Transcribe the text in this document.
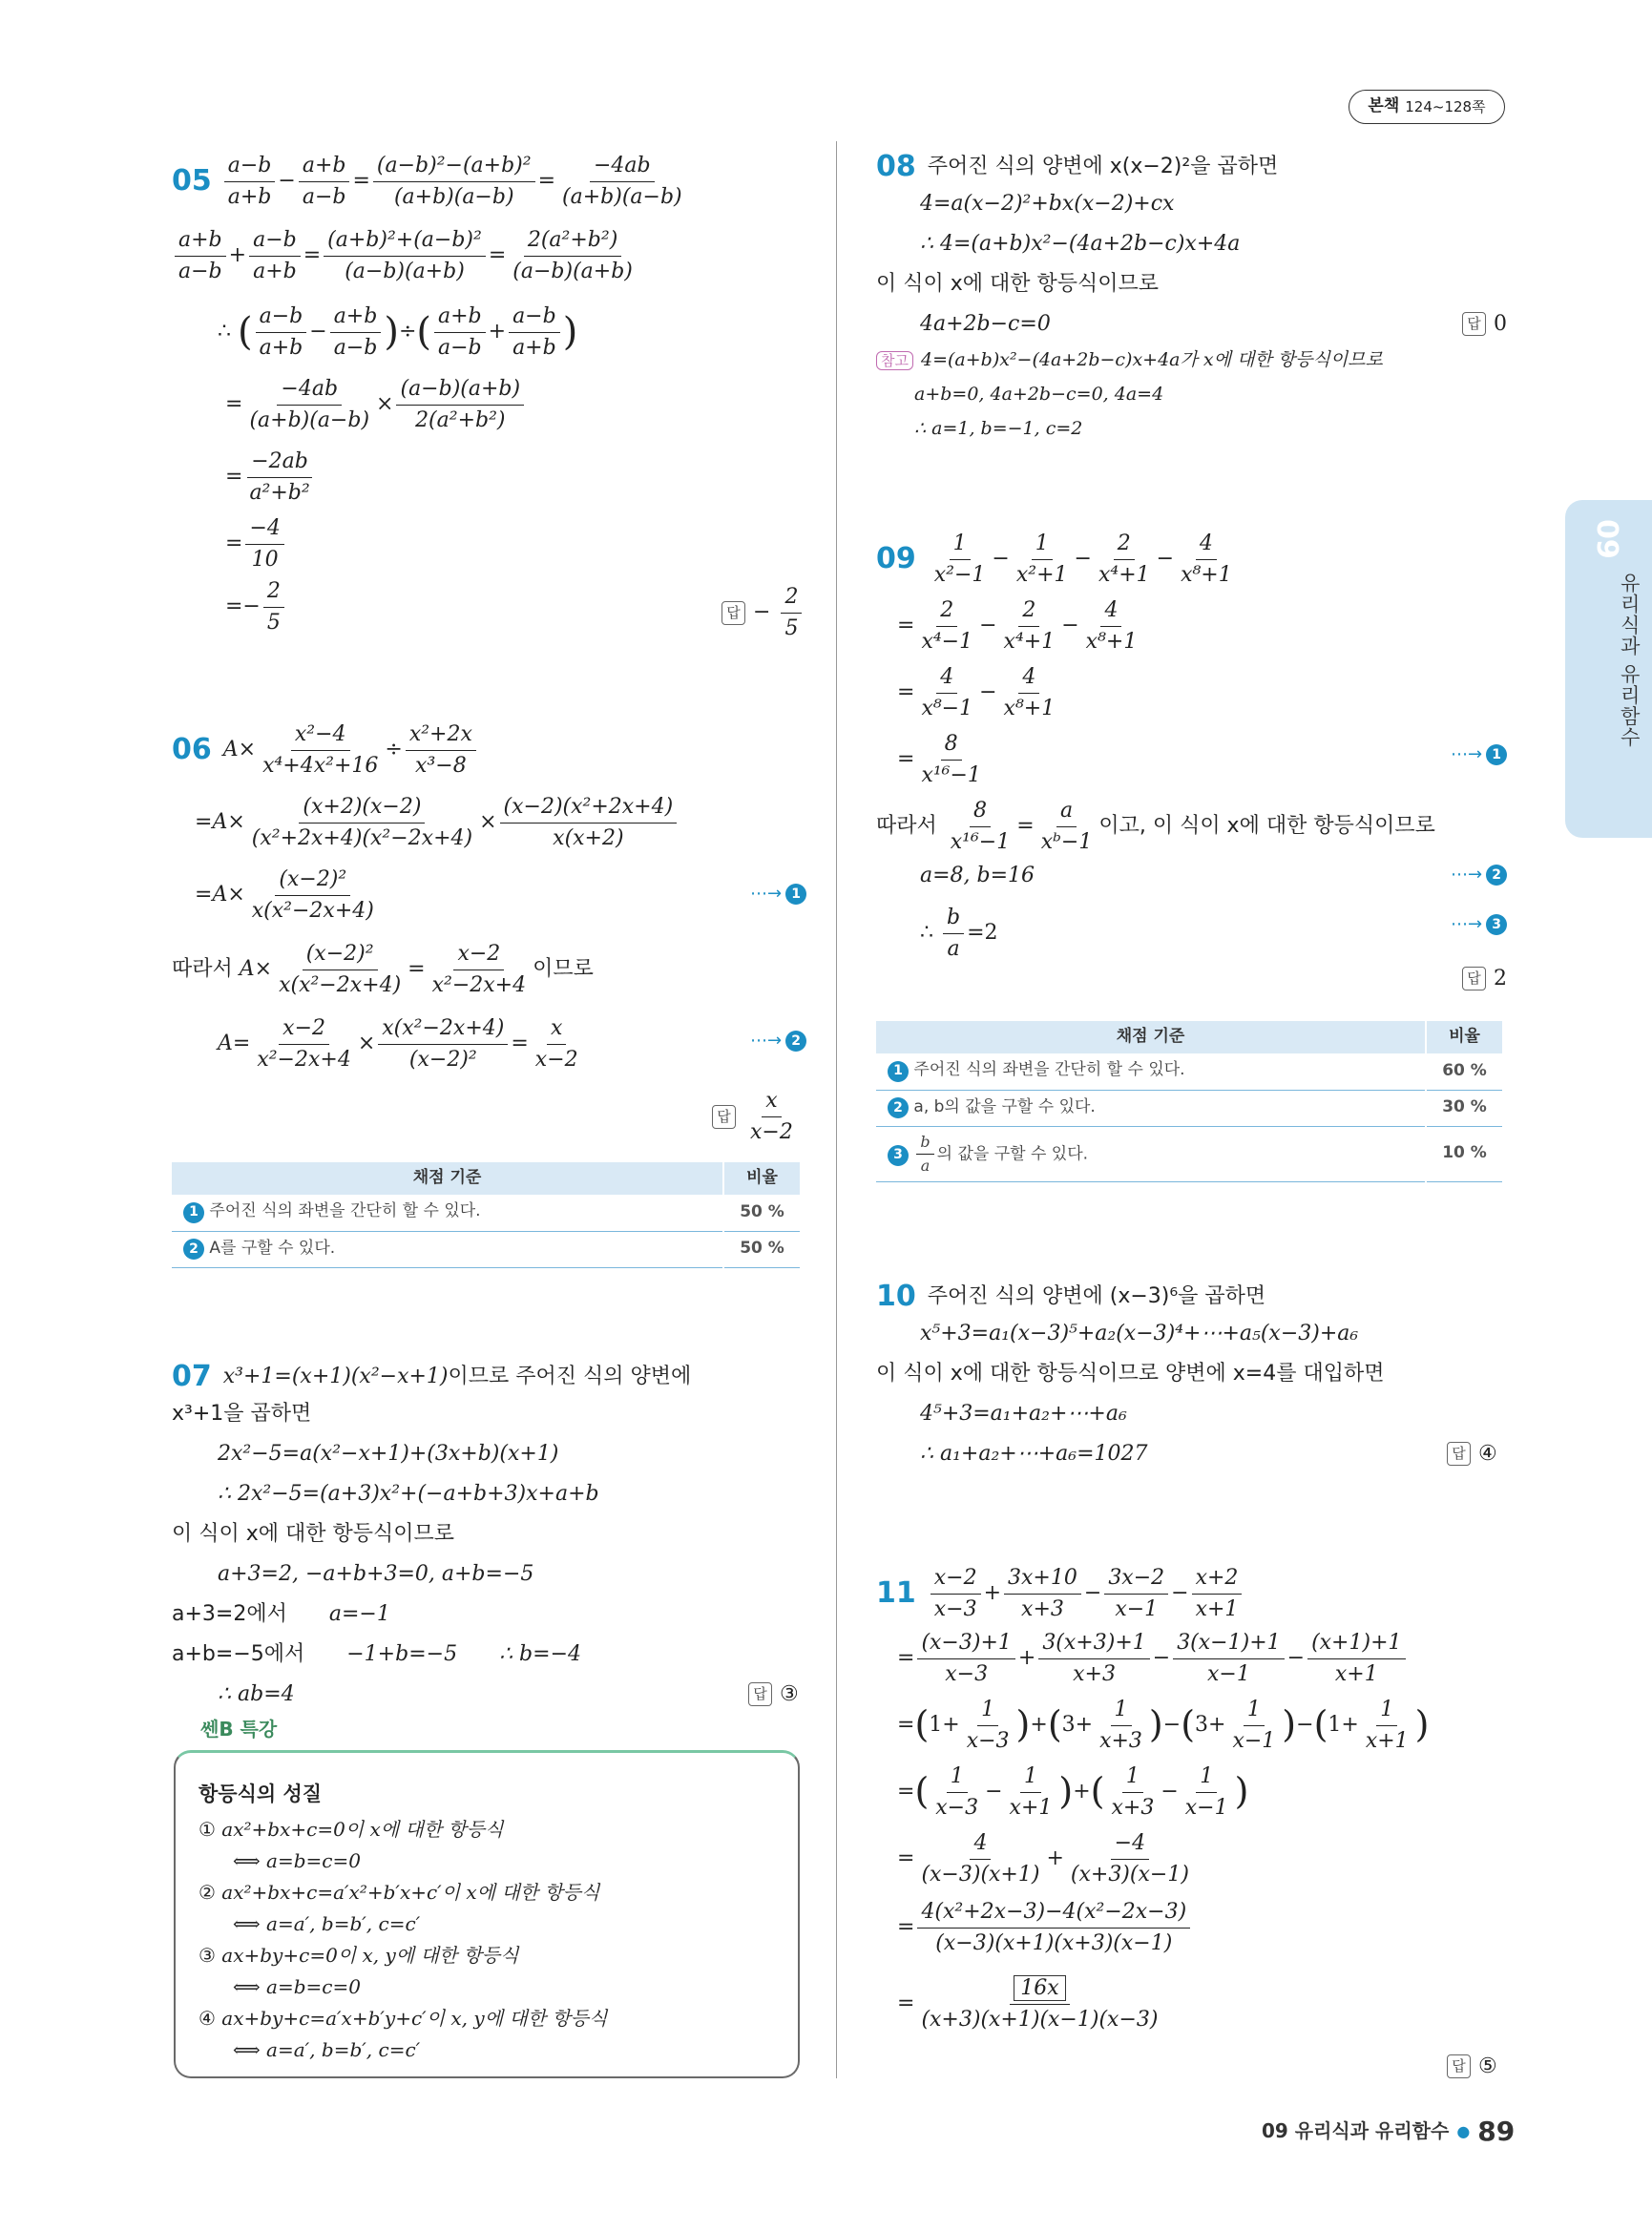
본책 124~128쪽
09
유리식과 유리함수
$05 \frac{a-b}{a+b} - \frac{a+b}{a-b} = \frac{\text{(a−b)²−(a+b)²}}{(a+b)(a-b)} = \frac{-4ab}{(a+b)(a-b)}$
$\frac{a+b}{a-b} + \frac{a-b}{a+b} = \frac{\text{(a+b)²+(a−b)²}}{(a-b)(a+b)} = \frac{\text{2(a²+b²)}}{(a-b)(a+b)}$
∴ ( $\frac{a-b}{a+b} - \frac{a+b}{a-b}$ ) ÷ ( $\frac{a+b}{a-b} + \frac{a-b}{a+b}$ )
= $\frac{-4ab}{(a+b)(a-b)} \times \frac{(a-b)(a+b)}{\text{2(a²+b²)}}$
= $\frac{-2ab}{\text{a²+b²}}$
= $\frac{-4}{10}$
=− $\frac{2}{5}$	답 − $\frac{2}{5}$
06 $A \times \frac{\text{x²−4}}{\text{x⁴+4x²+16}} \div \frac{\text{x²+2x}}{\text{x³−8}}$
= $A \times \frac{(x+2)(x-2)}{\text{(x²+2x+4)(x²−2x+4)}} \times \frac{\text{(x−2)(x²+2x+4)}}{x(x+2)}$
= $A \times \frac{\text{(x−2)²}}{\text{x(x²−2x+4)}}$	⋯→ 1
따라서
$A \times \frac{\text{(x−2)²}}{\text{x(x²−2x+4)}} = \frac{x-2}{\text{x²−2x+4}}$ 이므로
$A = \frac{x-2}{\text{x²−2x+4}} \times \frac{\text{x(x²−2x+4)}}{\text{(x−2)²}} = \frac{x}{x-2}$	⋯→ 2
답 $\frac{x}{x-2}$
채점 기준	비율
1 주어진 식의 좌변을 간단히 할 수 있다.	50 %
2 A를 구할 수 있다.	50 %
07 x³+1=(x+1)(x²−x+1) 이므로 주어진 식의 양변에
x³+1을 곱하면
2x²−5=a(x²−x+1)+(3x+b)(x+1)
∴ 2x²−5=(a+3)x²+(−a+b+3)x+a+b
이 식이 x에 대한 항등식이므로
a+3=2, −a+b+3=0, a+b=−5
a+3=2에서 a=−1
a+b=−5에서 −1+b=−5 ∴ b=−4
∴ ab=4	답 ③
쎈B 특강
항등식의 성질
① ax²+bx+c=0이 x에 대한 항등식
⟺ a=b=c=0
② ax²+bx+c=a′x²+b′x+c′이 x에 대한 항등식
⟺ a=a′, b=b′, c=c′
③ ax+by+c=0이 x, y에 대한 항등식
⟺ a=b=c=0
④ ax+by+c=a′x+b′y+c′이 x, y에 대한 항등식
⟺ a=a′, b=b′, c=c′
08 주어진 식의 양변에 x(x−2)²을 곱하면
4=a(x−2)²+bx(x−2)+cx
∴ 4=(a+b)x²−(4a+2b−c)x+4a
이 식이 x에 대한 항등식이므로
4a+2b−c=0	답 0
참고 4=(a+b)x²−(4a+2b−c)x+4a가 x에 대한 항등식이므로
a+b=0, 4a+2b−c=0, 4a=4
∴ a=1, b=−1, c=2
$09 \frac{1}{\text{x²−1}} - \frac{1}{\text{x²+1}} - \frac{2}{\text{x⁴+1}} - \frac{4}{\text{x⁸+1}}$
= $\frac{2}{\text{x⁴−1}} - \frac{2}{\text{x⁴+1}} - \frac{4}{\text{x⁸+1}}$
= $\frac{4}{\text{x⁸−1}} - \frac{4}{\text{x⁸+1}}$
= $\frac{8}{\text{x¹⁶−1}}$	⋯→ 1
따라서
$\frac{8}{\text{x¹⁶−1}} = \frac{a}{\text{xᵇ−1}}$ 이고, 이 식이 x에 대한 항등식이므로
a=8, b=16	⋯→ 2
∴ $\frac{b}{a} =2$	⋯→ 3
답 2
채점 기준	비율
1 주어진 식의 좌변을 간단히 할 수 있다.	60 %
2 a, b의 값을 구할 수 있다.	30 %
$3 \frac{b}{a}$ 의 값을 구할 수 있다.	10 %
10 주어진 식의 양변에 (x−3)⁶을 곱하면
x⁵+3=a₁(x−3)⁵+a₂(x−3)⁴+⋯+a₅(x−3)+a₆
이 식이 x에 대한 항등식이므로 양변에 x=4를 대입하면
4⁵+3=a₁+a₂+⋯+a₆
∴ a₁+a₂+⋯+a₆=1027	답 ④
$11 \frac{x-2}{x-3} + \frac{3x+10}{x+3} - \frac{3x-2}{x-1} - \frac{x+2}{x+1}$
= $\frac{(x-3)+1}{x-3} + \frac{3(x+3)+1}{x+3} - \frac{3(x-1)+1}{x-1} - \frac{(x+1)+1}{x+1}$
= ( $1+ \frac{1}{x-3}$ ) + ( $3+ \frac{1}{x+3}$ ) − ( $3+ \frac{1}{x-1}$ ) − ( $1+ \frac{1}{x+1}$ )
= ( $\frac{1}{x-3} - \frac{1}{x+1}$ ) + ( $\frac{1}{x+3} - \frac{1}{x-1}$ )
= $\frac{4}{(x-3)(x+1)} + \frac{-4}{(x+3)(x-1)}$
= $\frac{\text{4(x²+2x−3)−4(x²−2x−3)}}{(x-3)(x+1)(x+3)(x-1)}$
= $\frac{16x}{(x+3)(x+1)(x-1)(x-3)}$
답 ⑤
09 유리식과 유리함수 ● 89
